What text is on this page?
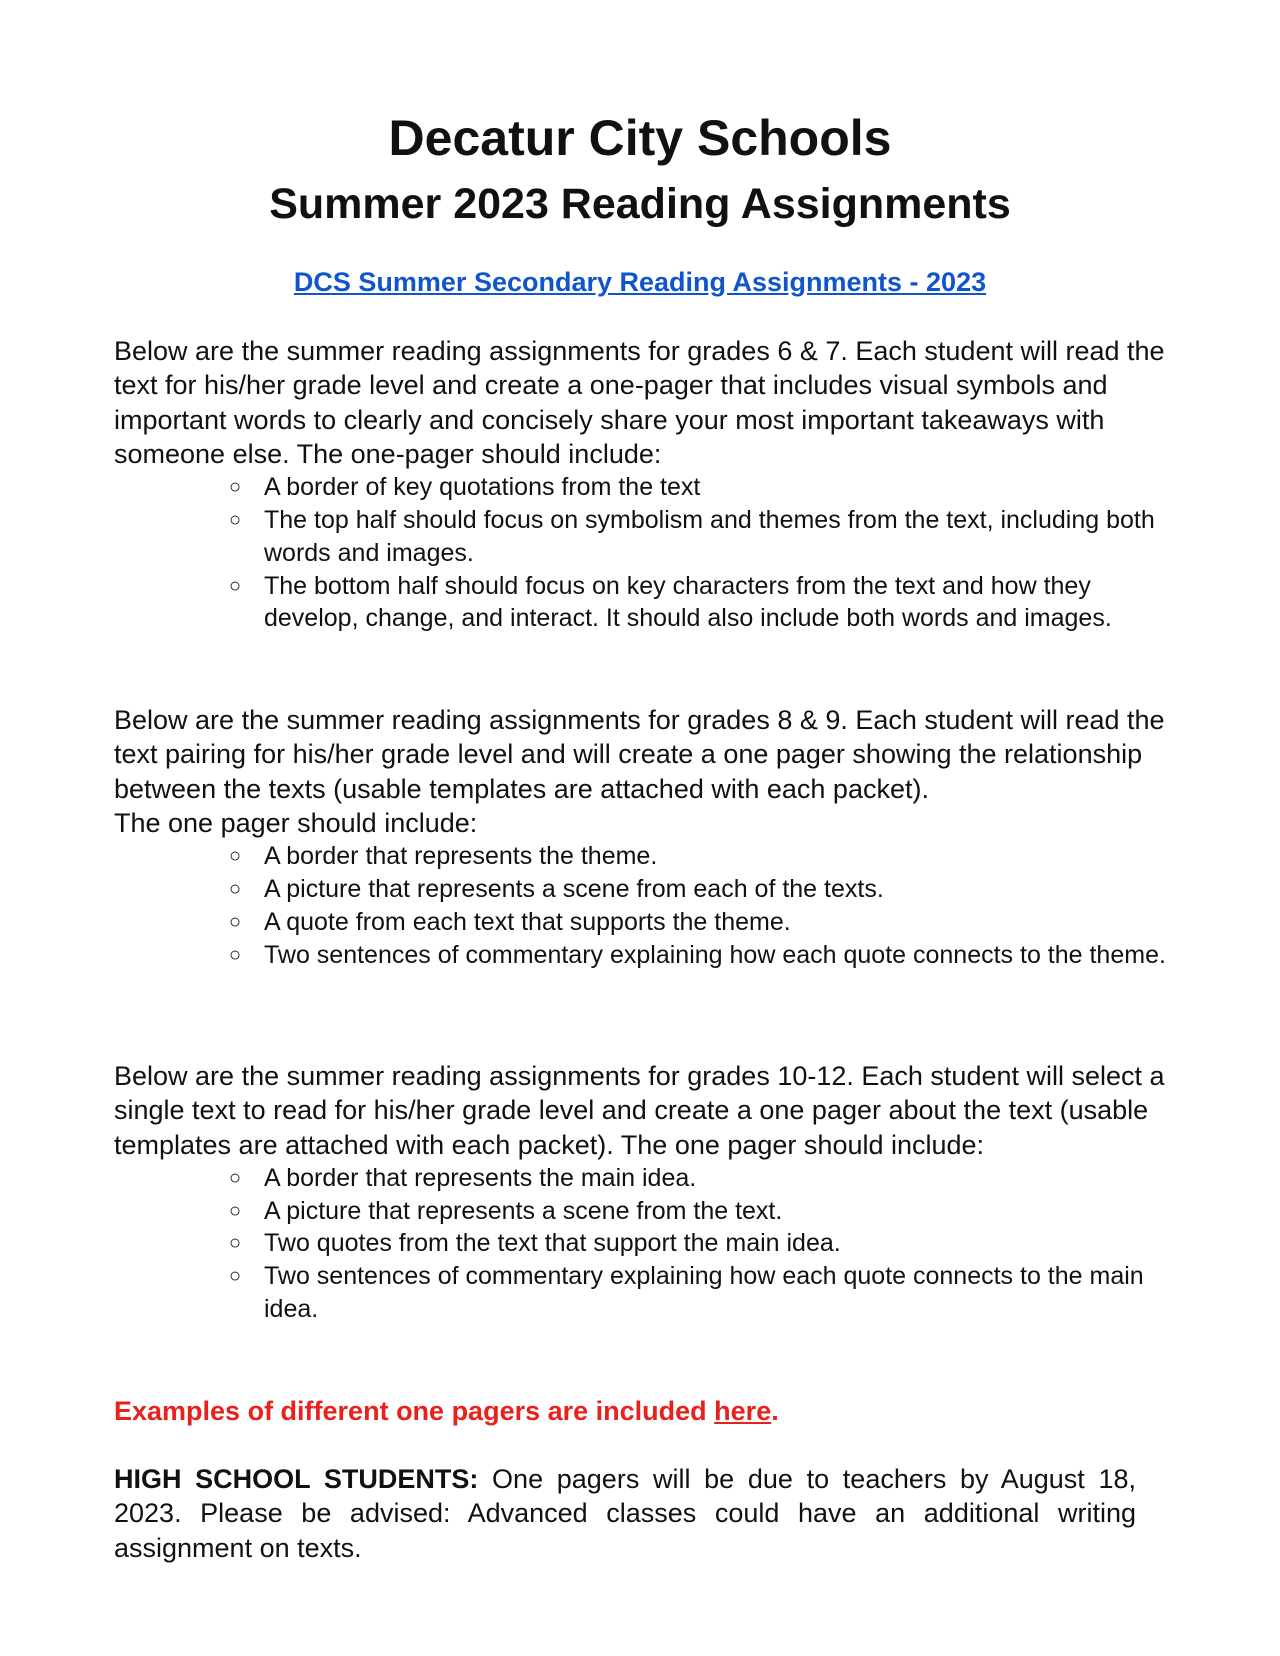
Decatur City Schools
Summer 2023 Reading Assignments
DCS Summer Secondary Reading Assignments - 2023

Below are the summer reading assignments for grades 6 & 7. Each student will read the text for his/her grade level and create a one-pager that includes visual symbols and important words to clearly and concisely share your most important takeaways with someone else. The one-pager should include:

○ A border of key quotations from the text
○ The top half should focus on symbolism and themes from the text, including both words and images.
○ The bottom half should focus on key characters from the text and how they develop, change, and interact. It should also include both words and images.

Below are the summer reading assignments for grades 8 & 9. Each student will read the text pairing for his/her grade level and will create a one pager showing the relationship between the texts (usable templates are attached with each packet).

The one pager should include:

○ A border that represents the theme.
○ A picture that represents a scene from each of the texts.
○ A quote from each text that supports the theme.
○ Two sentences of commentary explaining how each quote connects to the theme.

Below are the summer reading assignments for grades 10-12. Each student will select a single text to read for his/her grade level and create a one pager about the text (usable templates are attached with each packet). The one pager should include:

○ A border that represents the main idea.
○ A picture that represents a scene from the text.
○ Two quotes from the text that support the main idea.
○ Two sentences of commentary explaining how each quote connects to the main idea.

Examples of different one pagers are included here.

HIGH SCHOOL STUDENTS: One pagers will be due to teachers by August 18, 2023. Please be advised: Advanced classes could have an additional writing assignment on texts.
